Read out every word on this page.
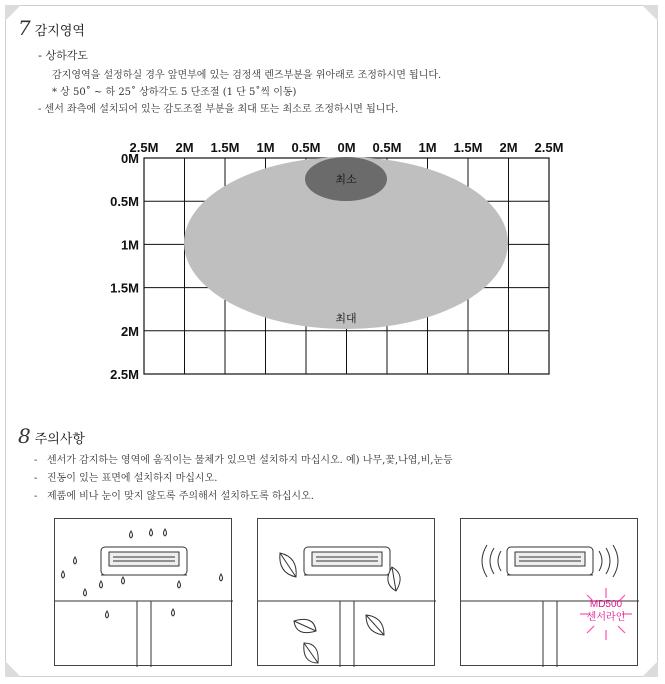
7 감지영역
- 상하각도
감지영역을 설정하실 경우 앞면부에 있는 검정색 렌즈부분을 위아래로 조정하시면 됩니다.
* 상 50˚ ~ 하 25˚ 상하각도 5 단조절 (1 단 5˚씩 이동)
- 센서 좌측에 설치되어 있는 감도조절 부분을 최대 또는 최소로 조정하시면 됩니다.
최소
최대
2.5M 2M 1.5M 1M 0.5M 0M 0.5M 1M 1.5M 2M 2.5M
0M
0.5M
1M
1.5M
2M
2.5M
8 주의사항
- 센서가 감지하는 영역에 움직이는 물체가 있으면 설치하지 마십시오. 예) 나무,꽃,나엽,비,눈등
- 진동이 있는 표면에 설치하지 마십시오.
- 제품에 비나 눈이 맞지 않도록 주의해서 설치하도록 하십시오.
MD500
센서라인
